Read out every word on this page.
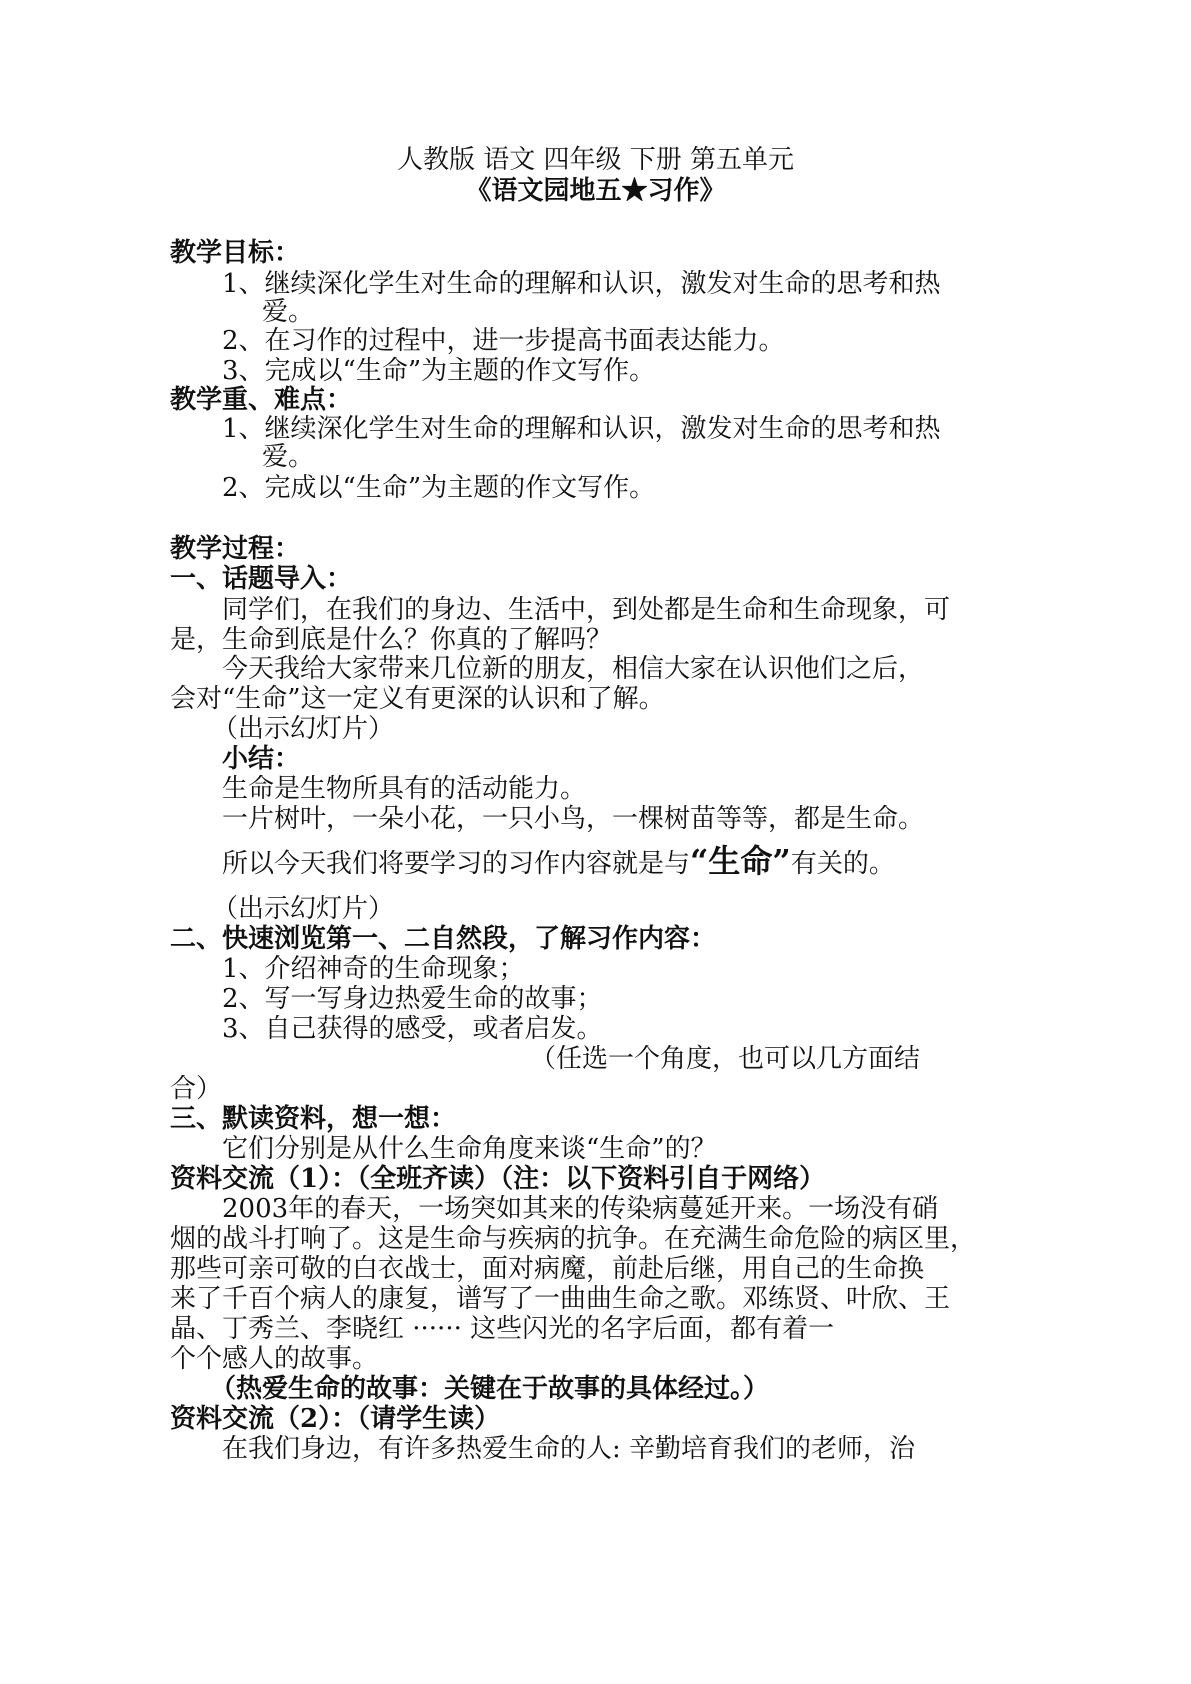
人教版 语文 四年级 下册 第五单元
《语文园地五★习作》
教学目标：
1、继续深化学生对生命的理解和认识，激发对生命的思考和热
爱。
2、在习作的过程中，进一步提高书面表达能力。
3、完成以“生命”为主题的作文写作。
教学重、难点：
1、继续深化学生对生命的理解和认识，激发对生命的思考和热
爱。
2、完成以“生命”为主题的作文写作。
教学过程：
一、话题导入：
同学们，在我们的身边、生活中，到处都是生命和生命现象，可
是，生命到底是什么？你真的了解吗？
今天我给大家带来几位新的朋友，相信大家在认识他们之后，
会对“生命”这一定义有更深的认识和了解。
（出示幻灯片）
小结：
生命是生物所具有的活动能力。
一片树叶，一朵小花，一只小鸟，一棵树苗等等，都是生命。
所以今天我们将要学习的习作内容就是与“生命”有关的。
（出示幻灯片）
二、快速浏览第一、二自然段，了解习作内容：
1、介绍神奇的生命现象；
2、写一写身边热爱生命的故事；
3、自己获得的感受，或者启发。
（任选一个角度，也可以几方面结
合）
三、默读资料，想一想：
它们分别是从什么生命角度来谈“生命”的？
资料交流（1）：（全班齐读）（注：以下资料引自于网络）
2003年的春天，一场突如其来的传染病蔓延开来。一场没有硝
烟的战斗打响了。这是生命与疾病的抗争。在充满生命危险的病区里，
那些可亲可敬的白衣战士，面对病魔，前赴后继，用自己的生命换
来了千百个病人的康复，谱写了一曲曲生命之歌。邓练贤、叶欣、王
晶、丁秀兰、李晓红 ······ 这些闪光的名字后面，都有着一
个个感人的故事。
（热爱生命的故事：关键在于故事的具体经过。）
资料交流（2）：（请学生读）
在我们身边，有许多热爱生命的人: 辛勤培育我们的老师，治
